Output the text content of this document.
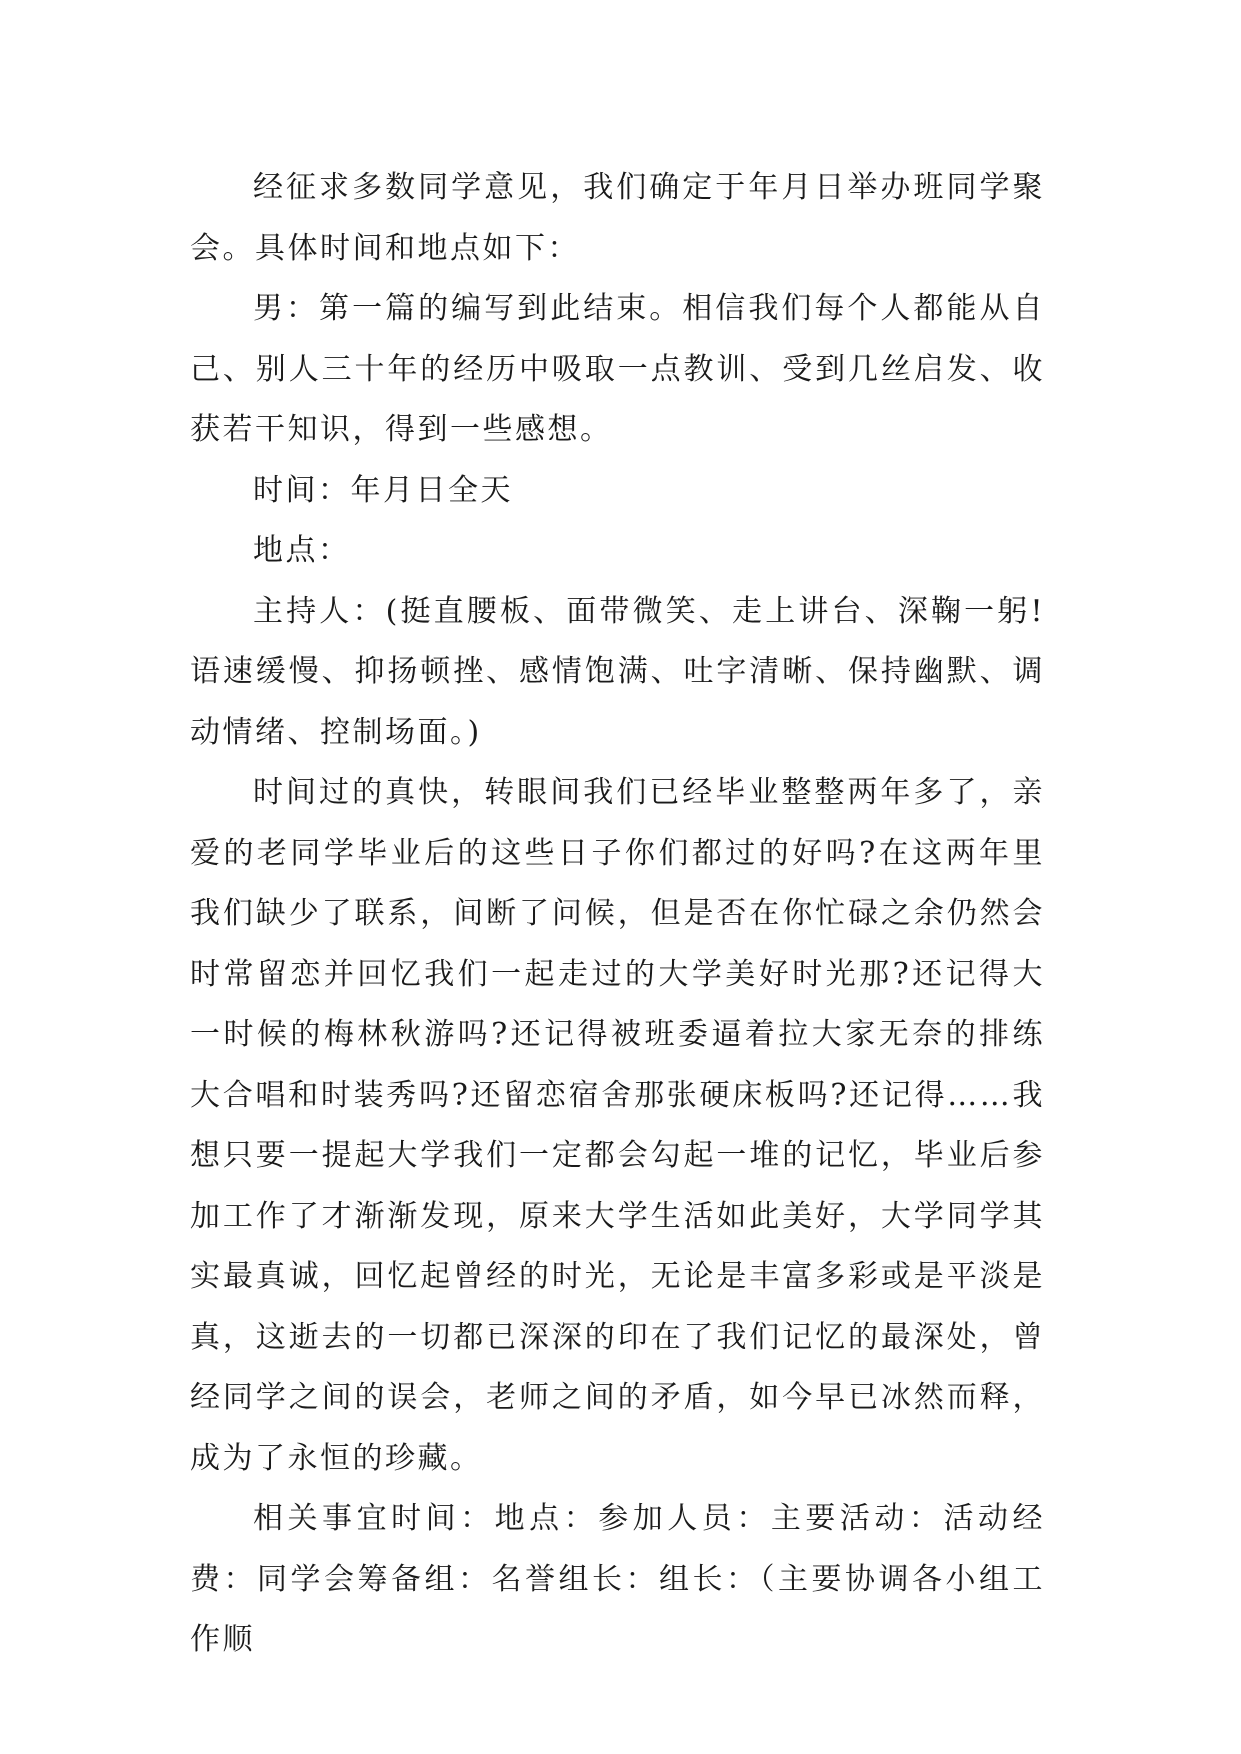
经征求多数同学意见，我们确定于年月日举办班同学聚会。具体时间和地点如下：

男：第一篇的编写到此结束。相信我们每个人都能从自己、别人三十年的经历中吸取一点教训、受到几丝启发、收获若干知识，得到一些感想。

时间：年月日全天

地点：

主持人：(挺直腰板、面带微笑、走上讲台、深鞠一躬!语速缓慢、抑扬顿挫、感情饱满、吐字清晰、保持幽默、调动情绪、控制场面。)

时间过的真快，转眼间我们已经毕业整整两年多了，亲爱的老同学毕业后的这些日子你们都过的好吗?在这两年里我们缺少了联系，间断了问候，但是否在你忙碌之余仍然会时常留恋并回忆我们一起走过的大学美好时光那?还记得大一时候的梅林秋游吗?还记得被班委逼着拉大家无奈的排练大合唱和时装秀吗?还留恋宿舍那张硬床板吗?还记得……我想只要一提起大学我们一定都会勾起一堆的记忆，毕业后参加工作了才渐渐发现，原来大学生活如此美好，大学同学其实最真诚，回忆起曾经的时光，无论是丰富多彩或是平淡是真，这逝去的一切都已深深的印在了我们记忆的最深处，曾经同学之间的误会，老师之间的矛盾，如今早已冰然而释，成为了永恒的珍藏。

相关事宜时间：地点：参加人员：主要活动：活动经费：同学会筹备组：名誉组长：组长：（主要协调各小组工作顺
